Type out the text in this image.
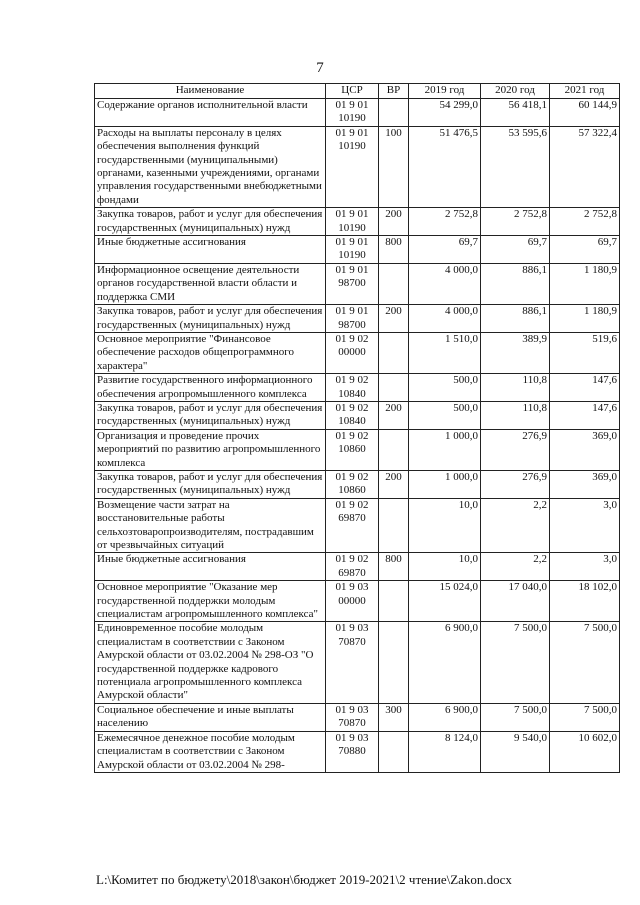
7
Наименование	ЦСР	ВР	2019 год	2020 год	2021 год
Содержание органов исполнительной власти	01 9 01 10190		54 299,0	56 418,1	60 144,9
Расходы на выплаты персоналу в целях обеспечения выполнения функций государственными (муниципальными) органами, казенными учреждениями, органами управления государственными внебюджетными фондами	01 9 01 10190	100	51 476,5	53 595,6	57 322,4
Закупка товаров, работ и услуг для обеспечения государственных (муниципальных) нужд	01 9 01 10190	200	2 752,8	2 752,8	2 752,8
Иные бюджетные ассигнования	01 9 01 10190	800	69,7	69,7	69,7
Информационное освещение деятельности органов государственной власти области и поддержка СМИ	01 9 01 98700		4 000,0	886,1	1 180,9
Закупка товаров, работ и услуг для обеспечения государственных (муниципальных) нужд	01 9 01 98700	200	4 000,0	886,1	1 180,9
Основное мероприятие "Финансовое обеспечение расходов общепрограммного характера"	01 9 02 00000		1 510,0	389,9	519,6
Развитие государственного информационного обеспечения агропромышленного комплекса	01 9 02 10840		500,0	110,8	147,6
Закупка товаров, работ и услуг для обеспечения государственных (муниципальных) нужд	01 9 02 10840	200	500,0	110,8	147,6
Организация и проведение прочих мероприятий по развитию агропромышленного комплекса	01 9 02 10860		1 000,0	276,9	369,0
Закупка товаров, работ и услуг для обеспечения государственных (муниципальных) нужд	01 9 02 10860	200	1 000,0	276,9	369,0
Возмещение части затрат на восстановительные работы сельхозтоваропроизводителям, пострадавшим от чрезвычайных ситуаций	01 9 02 69870		10,0	2,2	3,0
Иные бюджетные ассигнования	01 9 02 69870	800	10,0	2,2	3,0
Основное мероприятие "Оказание мер государственной поддержки молодым специалистам агропромышленного комплекса"	01 9 03 00000		15 024,0	17 040,0	18 102,0
Единовременное пособие молодым специалистам в соответствии с Законом Амурской области от 03.02.2004 № 298-ОЗ "О государственной поддержке кадрового потенциала агропромышленного комплекса Амурской области"	01 9 03 70870		6 900,0	7 500,0	7 500,0
Социальное обеспечение и иные выплаты населению	01 9 03 70870	300	6 900,0	7 500,0	7 500,0
Ежемесячное денежное пособие молодым специалистам в соответствии с Законом Амурской области от 03.02.2004 № 298-	01 9 03 70880		8 124,0	9 540,0	10 602,0
L:\Комитет по бюджету\2018\закон\бюджет 2019-2021\2 чтение\Zakon.docx
